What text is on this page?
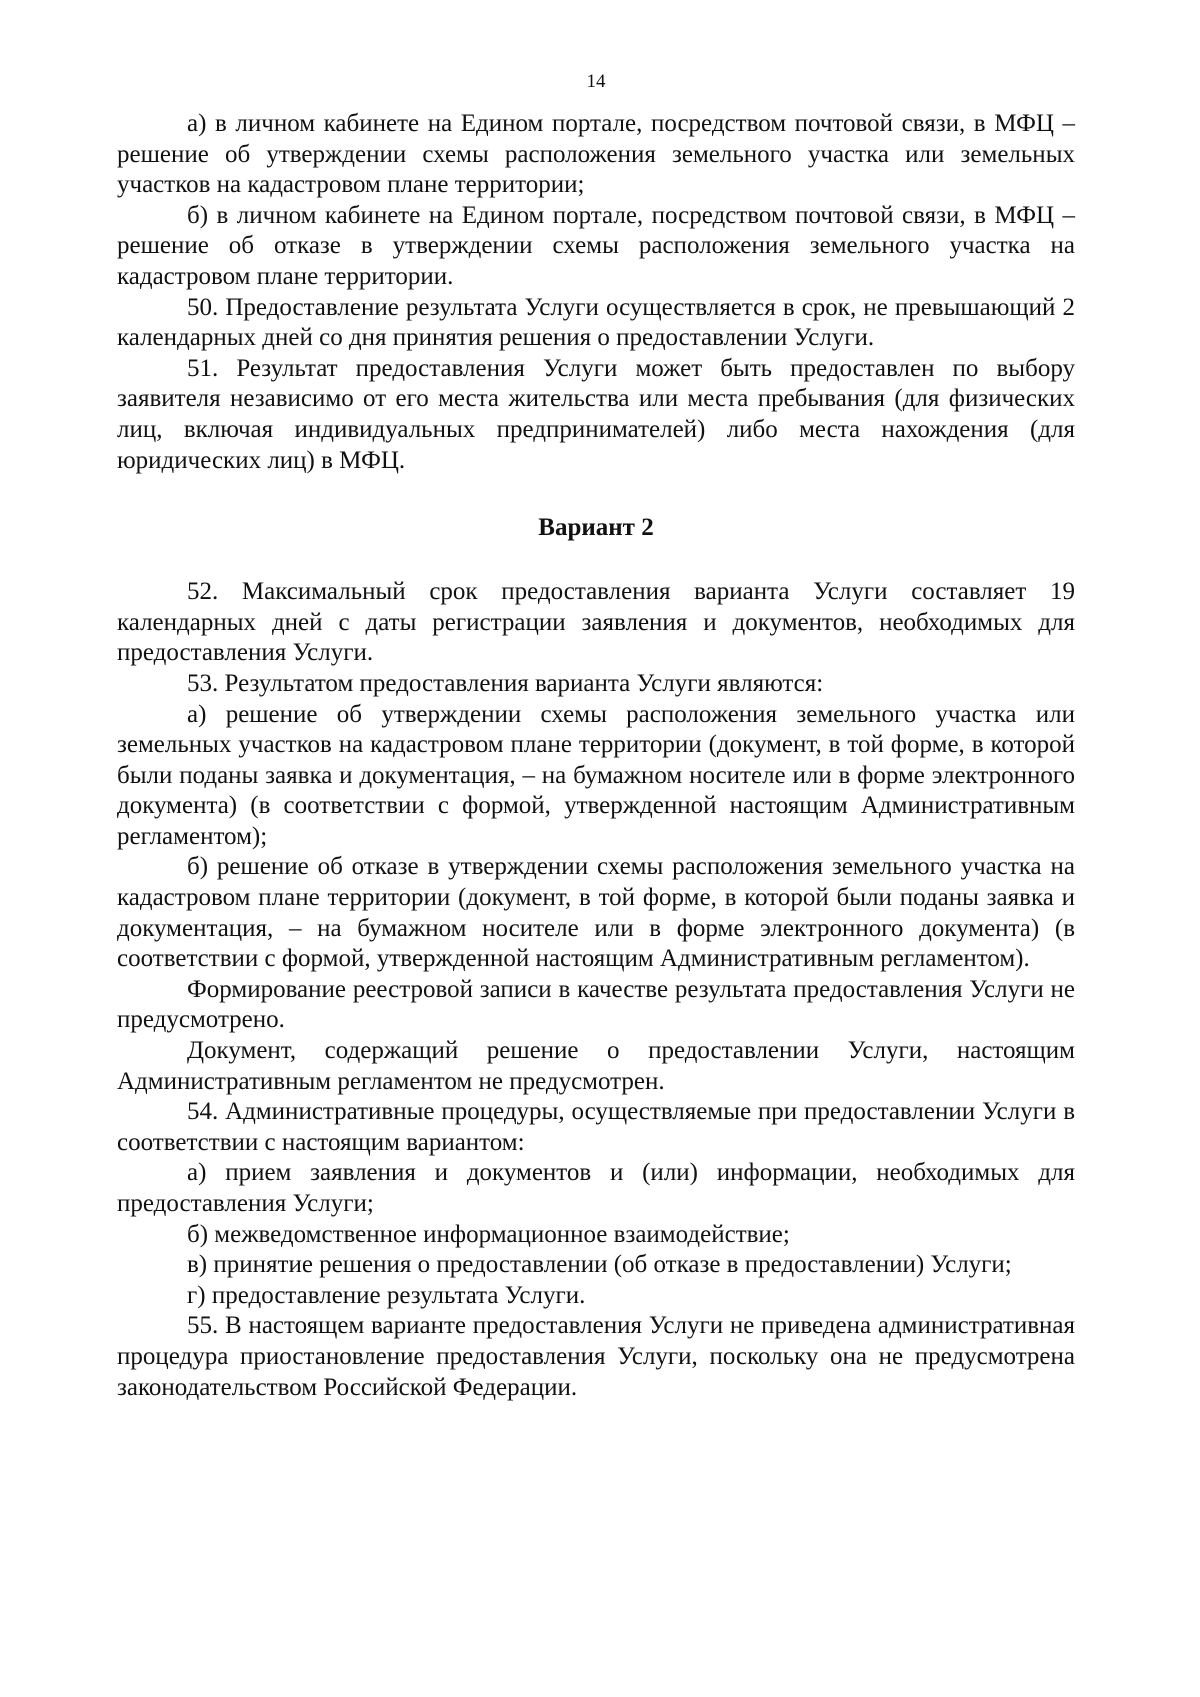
14

а) в личном кабинете на Едином портале, посредством почтовой связи, в МФЦ – решение об утверждении схемы расположения земельного участка или земельных участков на кадастровом плане территории;

б) в личном кабинете на Едином портале, посредством почтовой связи, в МФЦ – решение об отказе в утверждении схемы расположения земельного участка на кадастровом плане территории.

50. Предоставление результата Услуги осуществляется в срок, не превышающий 2 календарных дней со дня принятия решения о предоставлении Услуги.

51. Результат предоставления Услуги может быть предоставлен по выбору заявителя независимо от его места жительства или места пребывания (для физических лиц, включая индивидуальных предпринимателей) либо места нахождения (для юридических лиц) в МФЦ.

Вариант 2

52. Максимальный срок предоставления варианта Услуги составляет 19 календарных дней с даты регистрации заявления и документов, необходимых для предоставления Услуги.

53. Результатом предоставления варианта Услуги являются:

а) решение об утверждении схемы расположения земельного участка или земельных участков на кадастровом плане территории (документ, в той форме, в которой были поданы заявка и документация, – на бумажном носителе или в форме электронного документа) (в соответствии с формой, утвержденной настоящим Административным регламентом);

б) решение об отказе в утверждении схемы расположения земельного участка на кадастровом плане территории (документ, в той форме, в которой были поданы заявка и документация, – на бумажном носителе или в форме электронного документа) (в соответствии с формой, утвержденной настоящим Административным регламентом).

Формирование реестровой записи в качестве результата предоставления Услуги не предусмотрено.

Документ, содержащий решение о предоставлении Услуги, настоящим Административным регламентом не предусмотрен.

54. Административные процедуры, осуществляемые при предоставлении Услуги в соответствии с настоящим вариантом:

а) прием заявления и документов и (или) информации, необходимых для предоставления Услуги;

б) межведомственное информационное взаимодействие;

в) принятие решения о предоставлении (об отказе в предоставлении) Услуги;

г) предоставление результата Услуги.

55. В настоящем варианте предоставления Услуги не приведена административная процедура приостановление предоставления Услуги, поскольку она не предусмотрена законодательством Российской Федерации.
